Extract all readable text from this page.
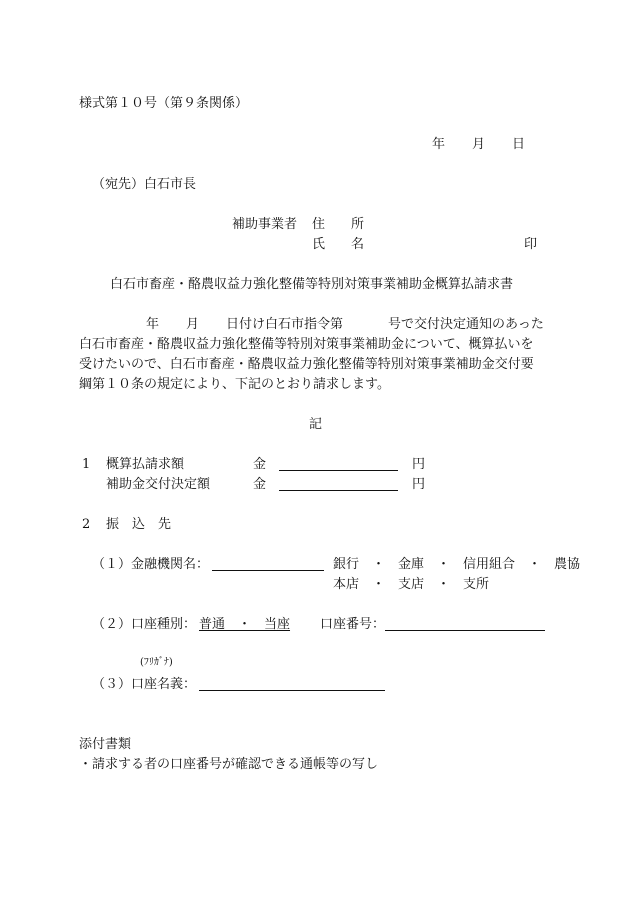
様式第１０号（第９条関係）
年 月 日
（宛先）白石市長
補助事業者 住　　所
氏　　名	印
白石市畜産・酪農収益力強化整備等特別対策事業補助金概算払請求書
年 月 日付け白石市指令第	号で交付決定通知のあった
白石市畜産・酪農収益力強化整備等特別対策事業補助金について、概算払いを
受けたいので、白石市畜産・酪農収益力強化整備等特別対策事業補助金交付要
綱第１０条の規定により、下記のとおり請求します。
記
1 概算払請求額	金	円
補助金交付決定額	金	円
2 振　込　先
（１）金融機関名：	銀行　・　金庫　・　信用組合　・　農協
本店　・　支店　・　支所
（２）口座種別： 普通　・　当座 口座番号：
(ﾌﾘｶﾞﾅ)
（３）口座名義：
添付書類
・請求する者の口座番号が確認できる通帳等の写し
